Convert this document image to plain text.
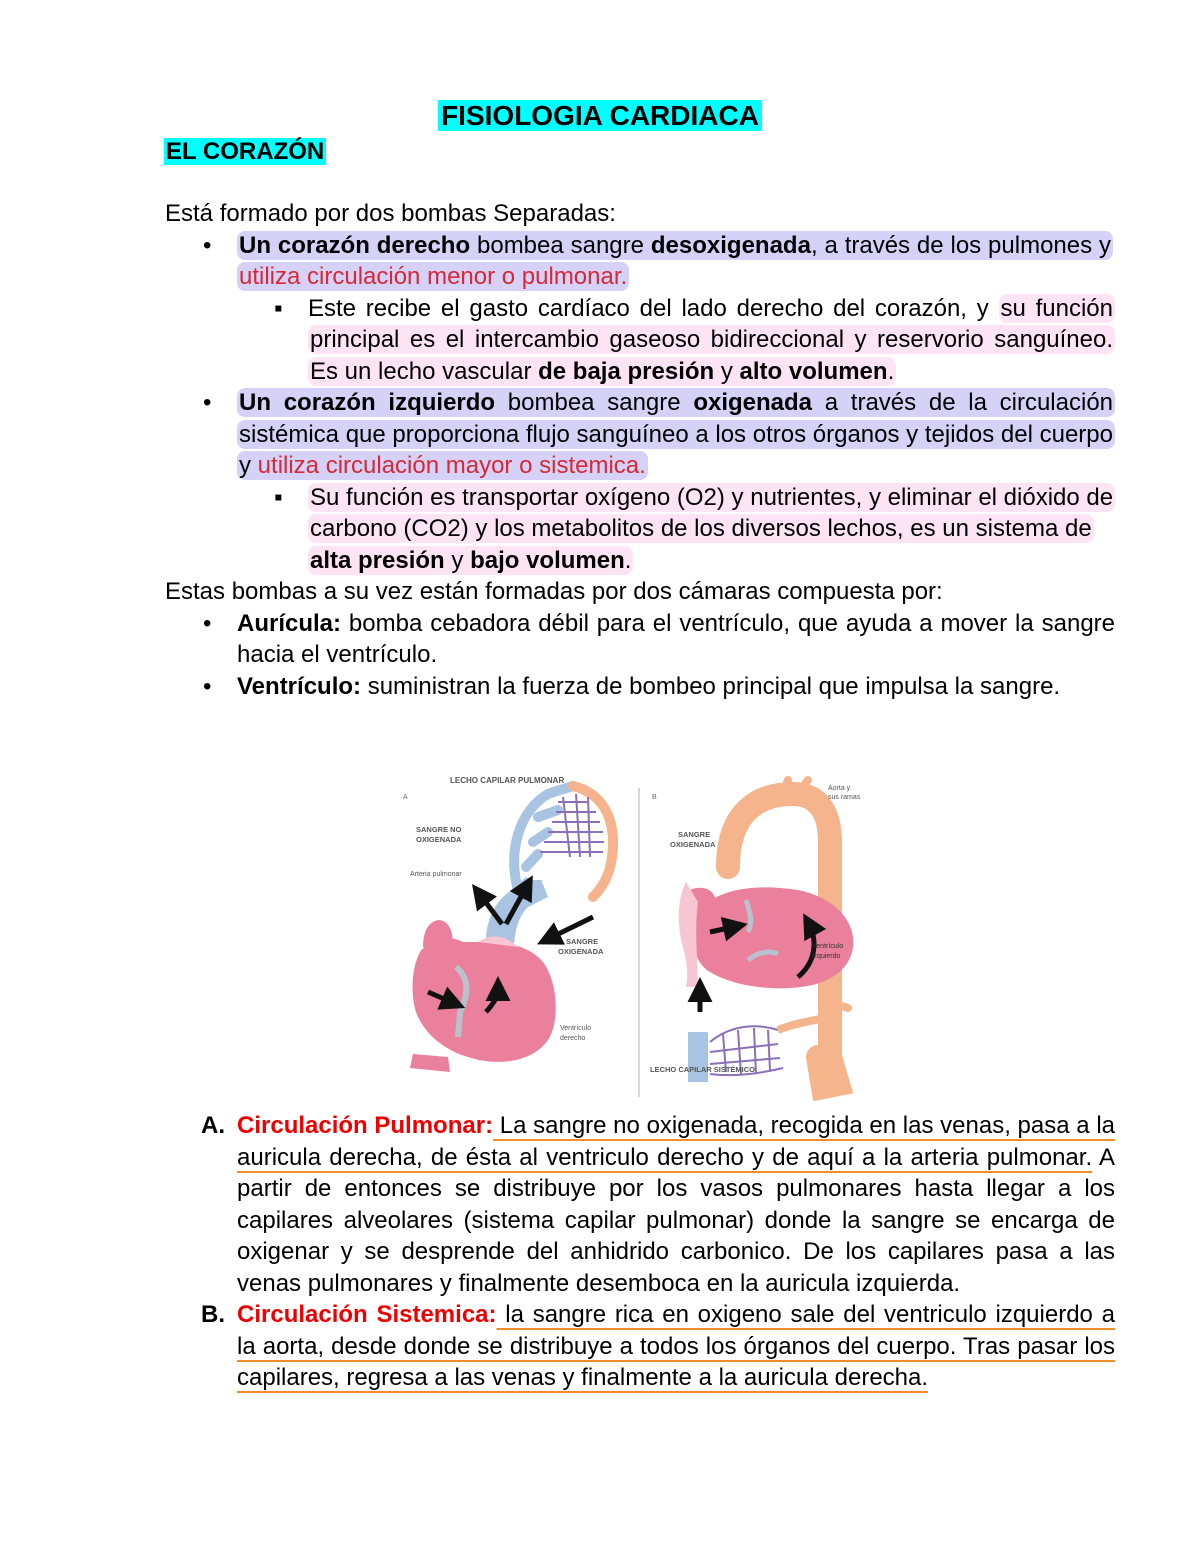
FISIOLOGIA CARDIACA
EL CORAZÓN

Está formado por dos bombas Separadas:

• Un corazón derecho bombea sangre desoxigenada, a través de los pulmones y utiliza circulación menor o pulmonar.

▪ Este recibe el gasto cardíaco del lado derecho del corazón, y su función principal es el intercambio gaseoso bidireccional y reservorio sanguíneo. Es un lecho vascular de baja presión y alto volumen.

• Un corazón izquierdo bombea sangre oxigenada a través de la circulación sistémica que proporciona flujo sanguíneo a los otros órganos y tejidos del cuerpo y utiliza circulación mayor o sistemica.

▪ Su función es transportar oxígeno (O2) y nutrientes, y eliminar el dióxido de carbono (CO2) y los metabolitos de los diversos lechos, es un sistema de alta presión y bajo volumen.

Estas bombas a su vez están formadas por dos cámaras compuesta por:

• Aurícula: bomba cebadora débil para el ventrículo, que ayuda a mover la sangre hacia el ventrículo.

• Ventrículo: suministran la fuerza de bombeo principal que impulsa la sangre.

A
LECHO CAPILAR PULMONAR
SANGRE NO
OXIGENADA
Arteria pulmonar
SANGRE
OXIGENADA
Ventrículo
derecho
B
Aorta y
sus ramas
SANGRE
OXIGENADA
Ventrículo
izquierdo
LECHO CAPILAR SISTÉMICO

A. Circulación Pulmonar: La sangre no oxigenada, recogida en las venas, pasa a la auricula derecha, de ésta al ventriculo derecho y de aquí a la arteria pulmonar. A partir de entonces se distribuye por los vasos pulmonares hasta llegar a los capilares alveolares (sistema capilar pulmonar) donde la sangre se encarga de oxigenar y se desprende del anhidrido carbonico. De los capilares pasa a las venas pulmonares y finalmente desemboca en la auricula izquierda.

B. Circulación Sistemica: la sangre rica en oxigeno sale del ventriculo izquierdo a la aorta, desde donde se distribuye a todos los órganos del cuerpo. Tras pasar los capilares, regresa a las venas y finalmente a la auricula derecha.
